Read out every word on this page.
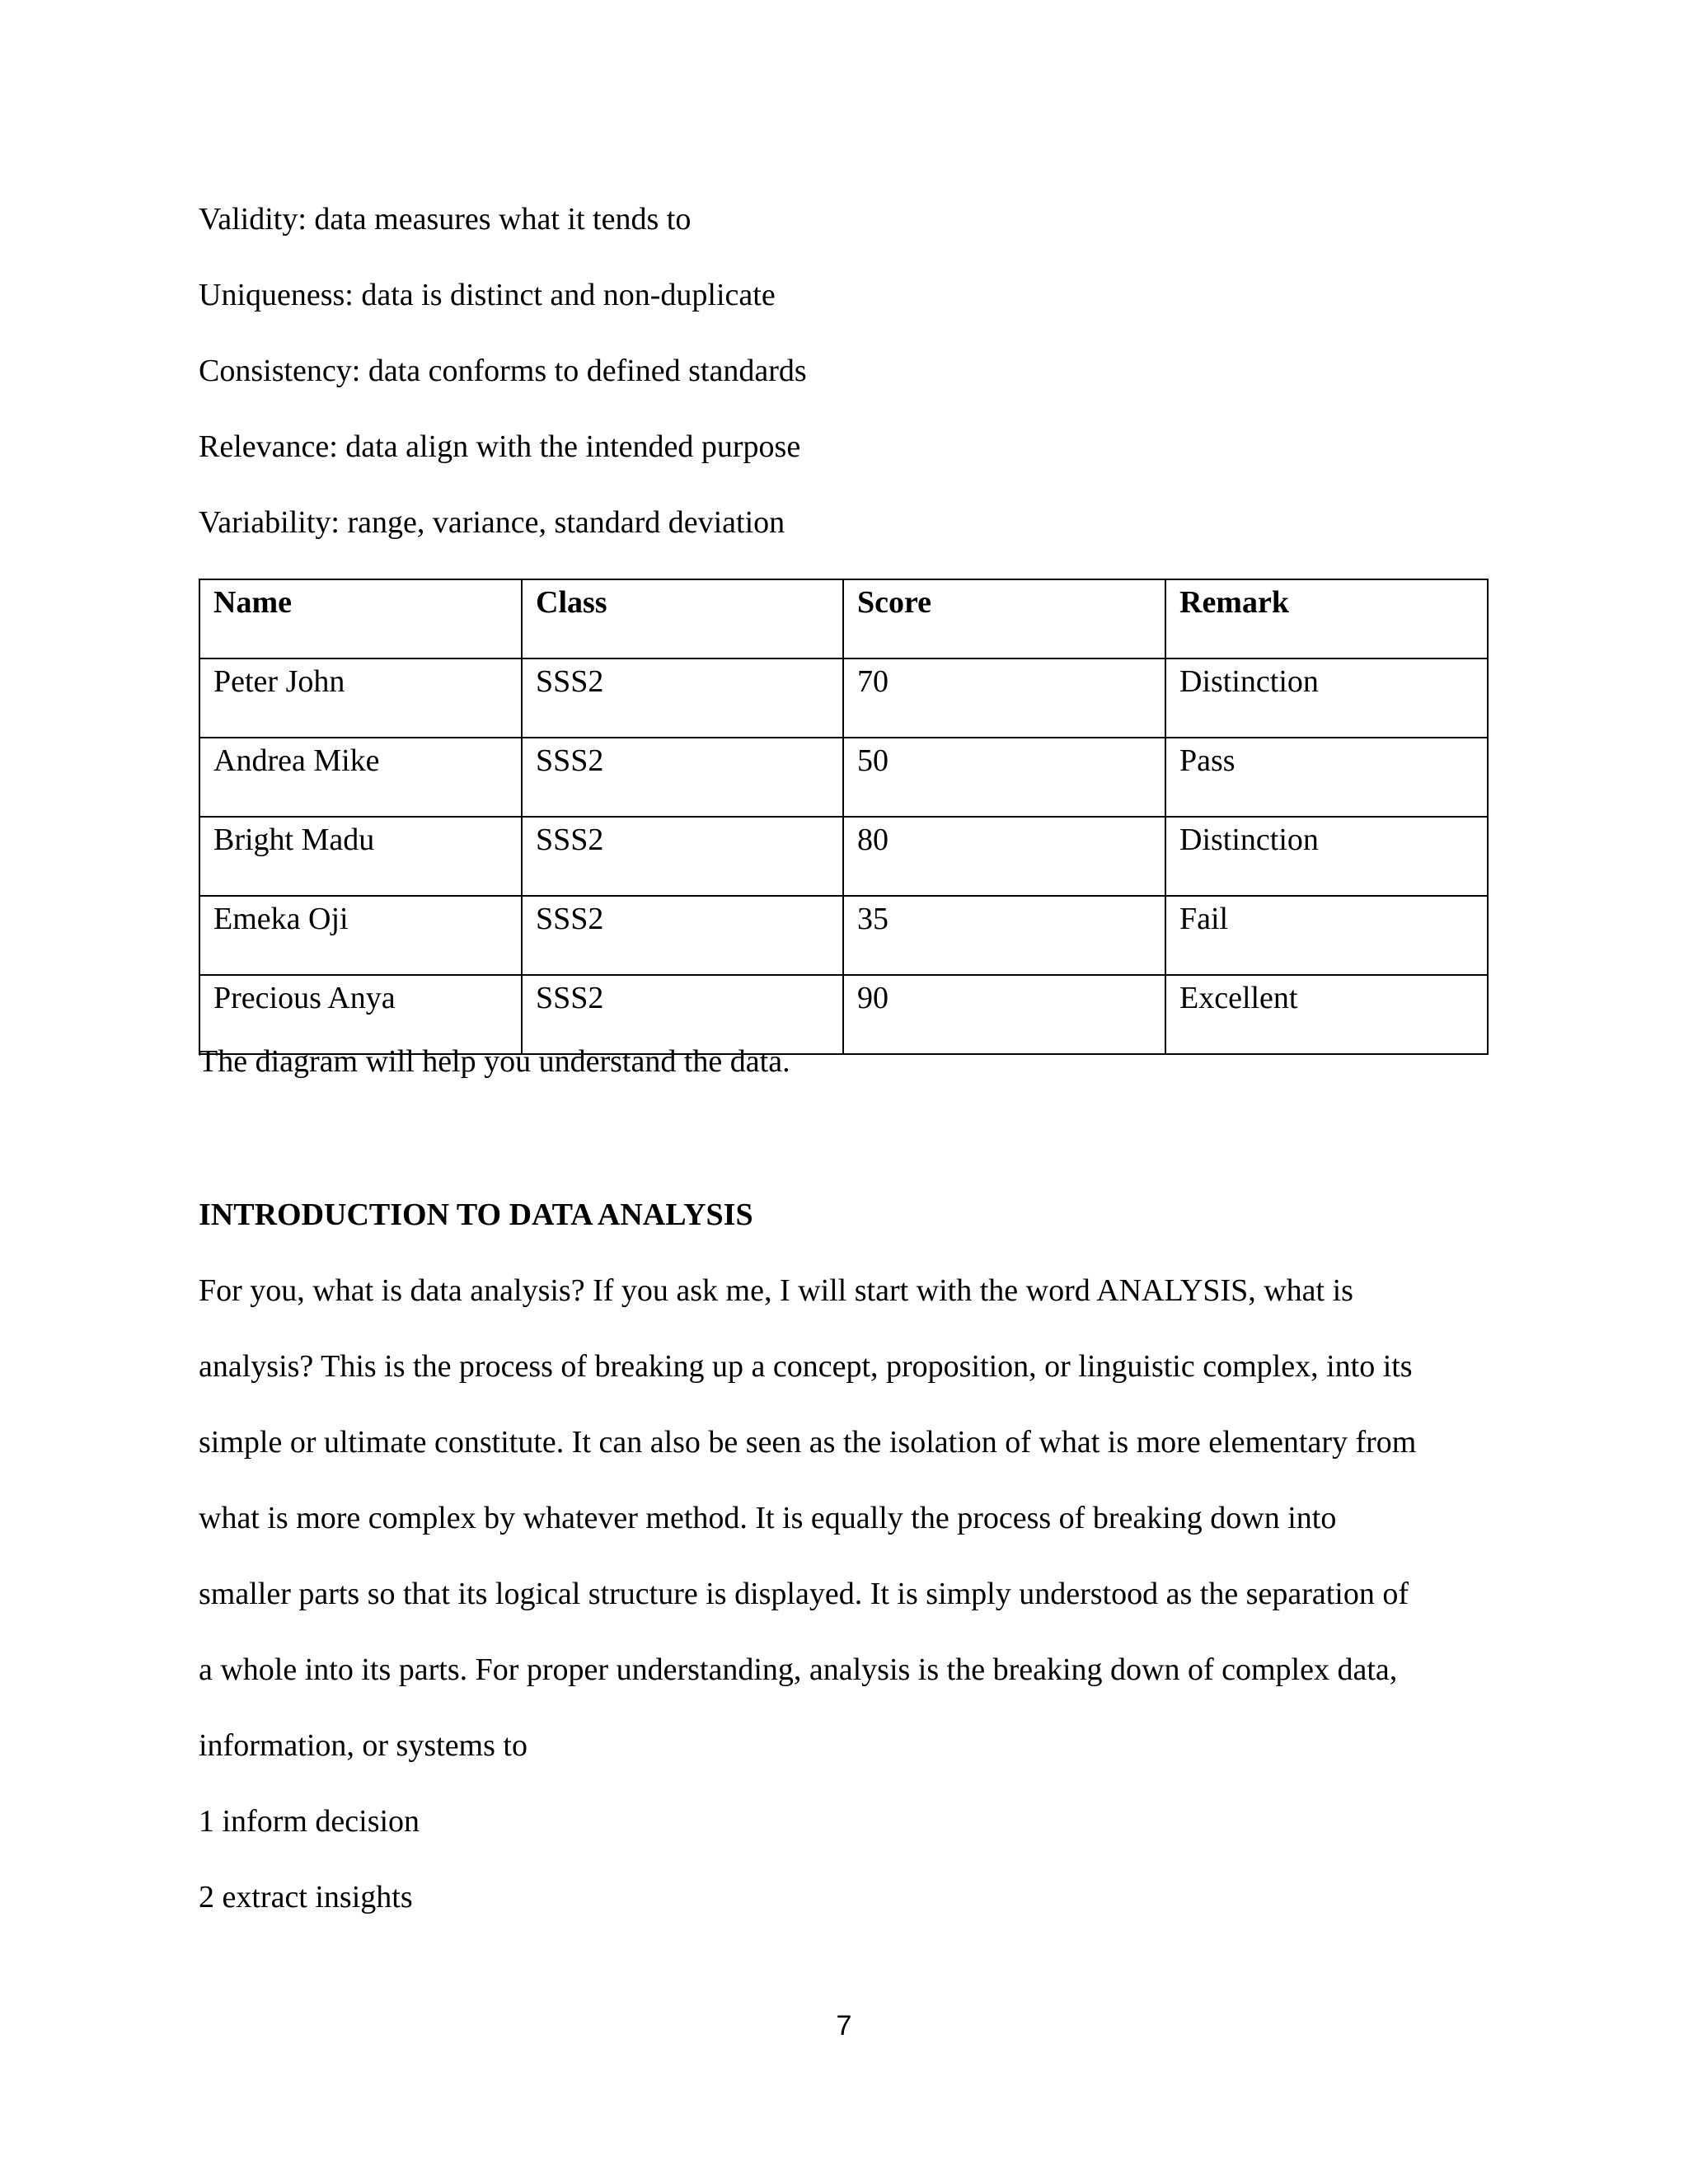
Validity: data measures what it tends to

Uniqueness: data is distinct and non-duplicate

Consistency: data conforms to defined standards

Relevance: data align with the intended purpose

Variability: range, variance, standard deviation

Name	Class	Score	Remark
Peter John	SSS2	70	Distinction
Andrea Mike	SSS2	50	Pass
Bright Madu	SSS2	80	Distinction
Emeka Oji	SSS2	35	Fail
Precious Anya	SSS2	90	Excellent

The diagram will help you understand the data.

INTRODUCTION TO DATA ANALYSIS

For you, what is data analysis? If you ask me, I will start with the word ANALYSIS, what is

analysis? This is the process of breaking up a concept, proposition, or linguistic complex, into its

simple or ultimate constitute. It can also be seen as the isolation of what is more elementary from

what is more complex by whatever method. It is equally the process of breaking down into

smaller parts so that its logical structure is displayed. It is simply understood as the separation of

a whole into its parts. For proper understanding, analysis is the breaking down of complex data,

information, or systems to

1 inform decision

2 extract insights

7
